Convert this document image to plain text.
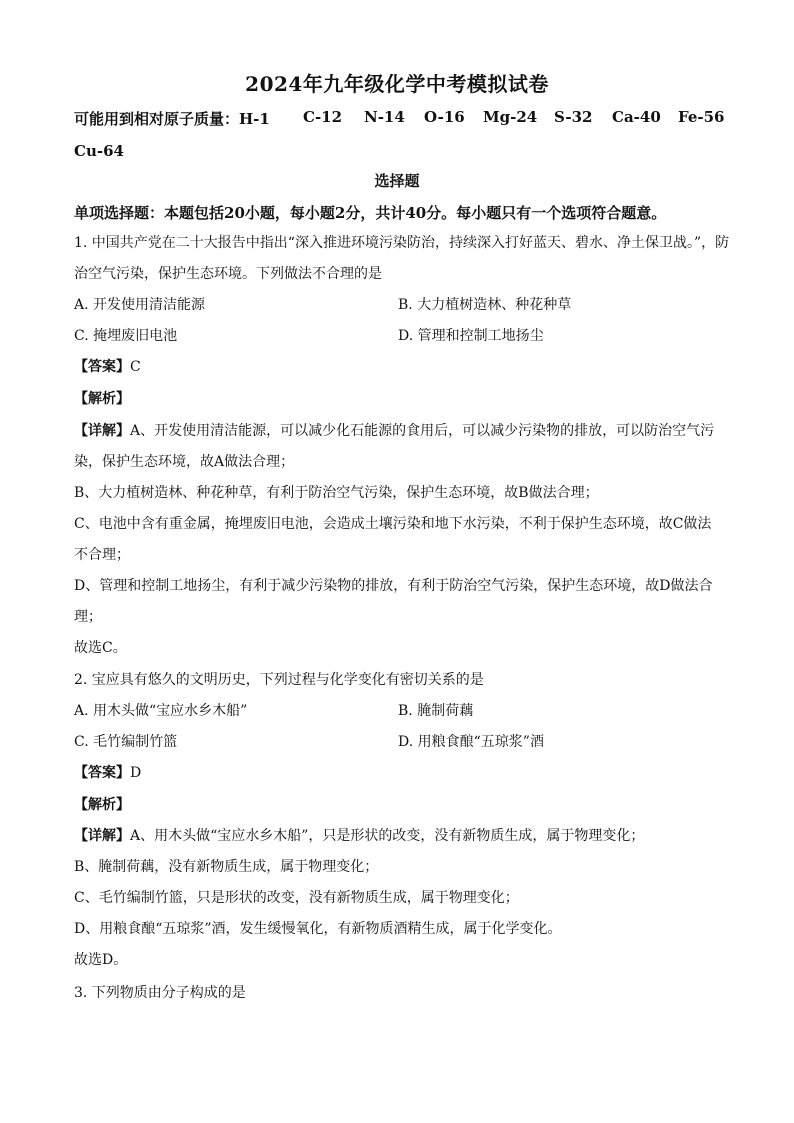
2024年九年级化学中考模拟试卷
可能用到相对原子质量：H-1 C-12 N-14 O-16 Mg-24 S-32 Ca-40 Fe-56
Cu-64
选择题
单项选择题：本题包括20小题，每小题2分，共计40分。每小题只有一个选项符合题意。
1. 中国共产党在二十大报告中指出“深入推进环境污染防治，持续深入打好蓝天、碧水、净土保卫战。”，防
治空气污染，保护生态环境。下列做法不合理的是
A. 开发使用清洁能源	B. 大力植树造林、种花种草
C. 掩埋废旧电池	D. 管理和控制工地扬尘
【答案】C
【解析】
【详解】A、开发使用清洁能源，可以减少化石能源的食用后，可以减少污染物的排放，可以防治空气污
染，保护生态环境，故A做法合理；
B、大力植树造林、种花种草，有利于防治空气污染，保护生态环境，故B做法合理；
C、电池中含有重金属，掩埋废旧电池，会造成土壤污染和地下水污染，不利于保护生态环境，故C做法
不合理；
D、管理和控制工地扬尘，有利于减少污染物的排放，有利于防治空气污染，保护生态环境，故D做法合
理；
故选C。
2. 宝应具有悠久的文明历史，下列过程与化学变化有密切关系的是
A. 用木头做“宝应水乡木船”	B. 腌制荷藕
C. 毛竹编制竹篮	D. 用粮食酿“五琼浆”酒
【答案】D
【解析】
【详解】A、用木头做“宝应水乡木船”，只是形状的改变，没有新物质生成，属于物理变化；
B、腌制荷藕，没有新物质生成，属于物理变化；
C、毛竹编制竹篮，只是形状的改变，没有新物质生成，属于物理变化；
D、用粮食酿“五琼浆”酒，发生缓慢氧化，有新物质酒精生成，属于化学变化。
故选D。
3. 下列物质由分子构成的是
